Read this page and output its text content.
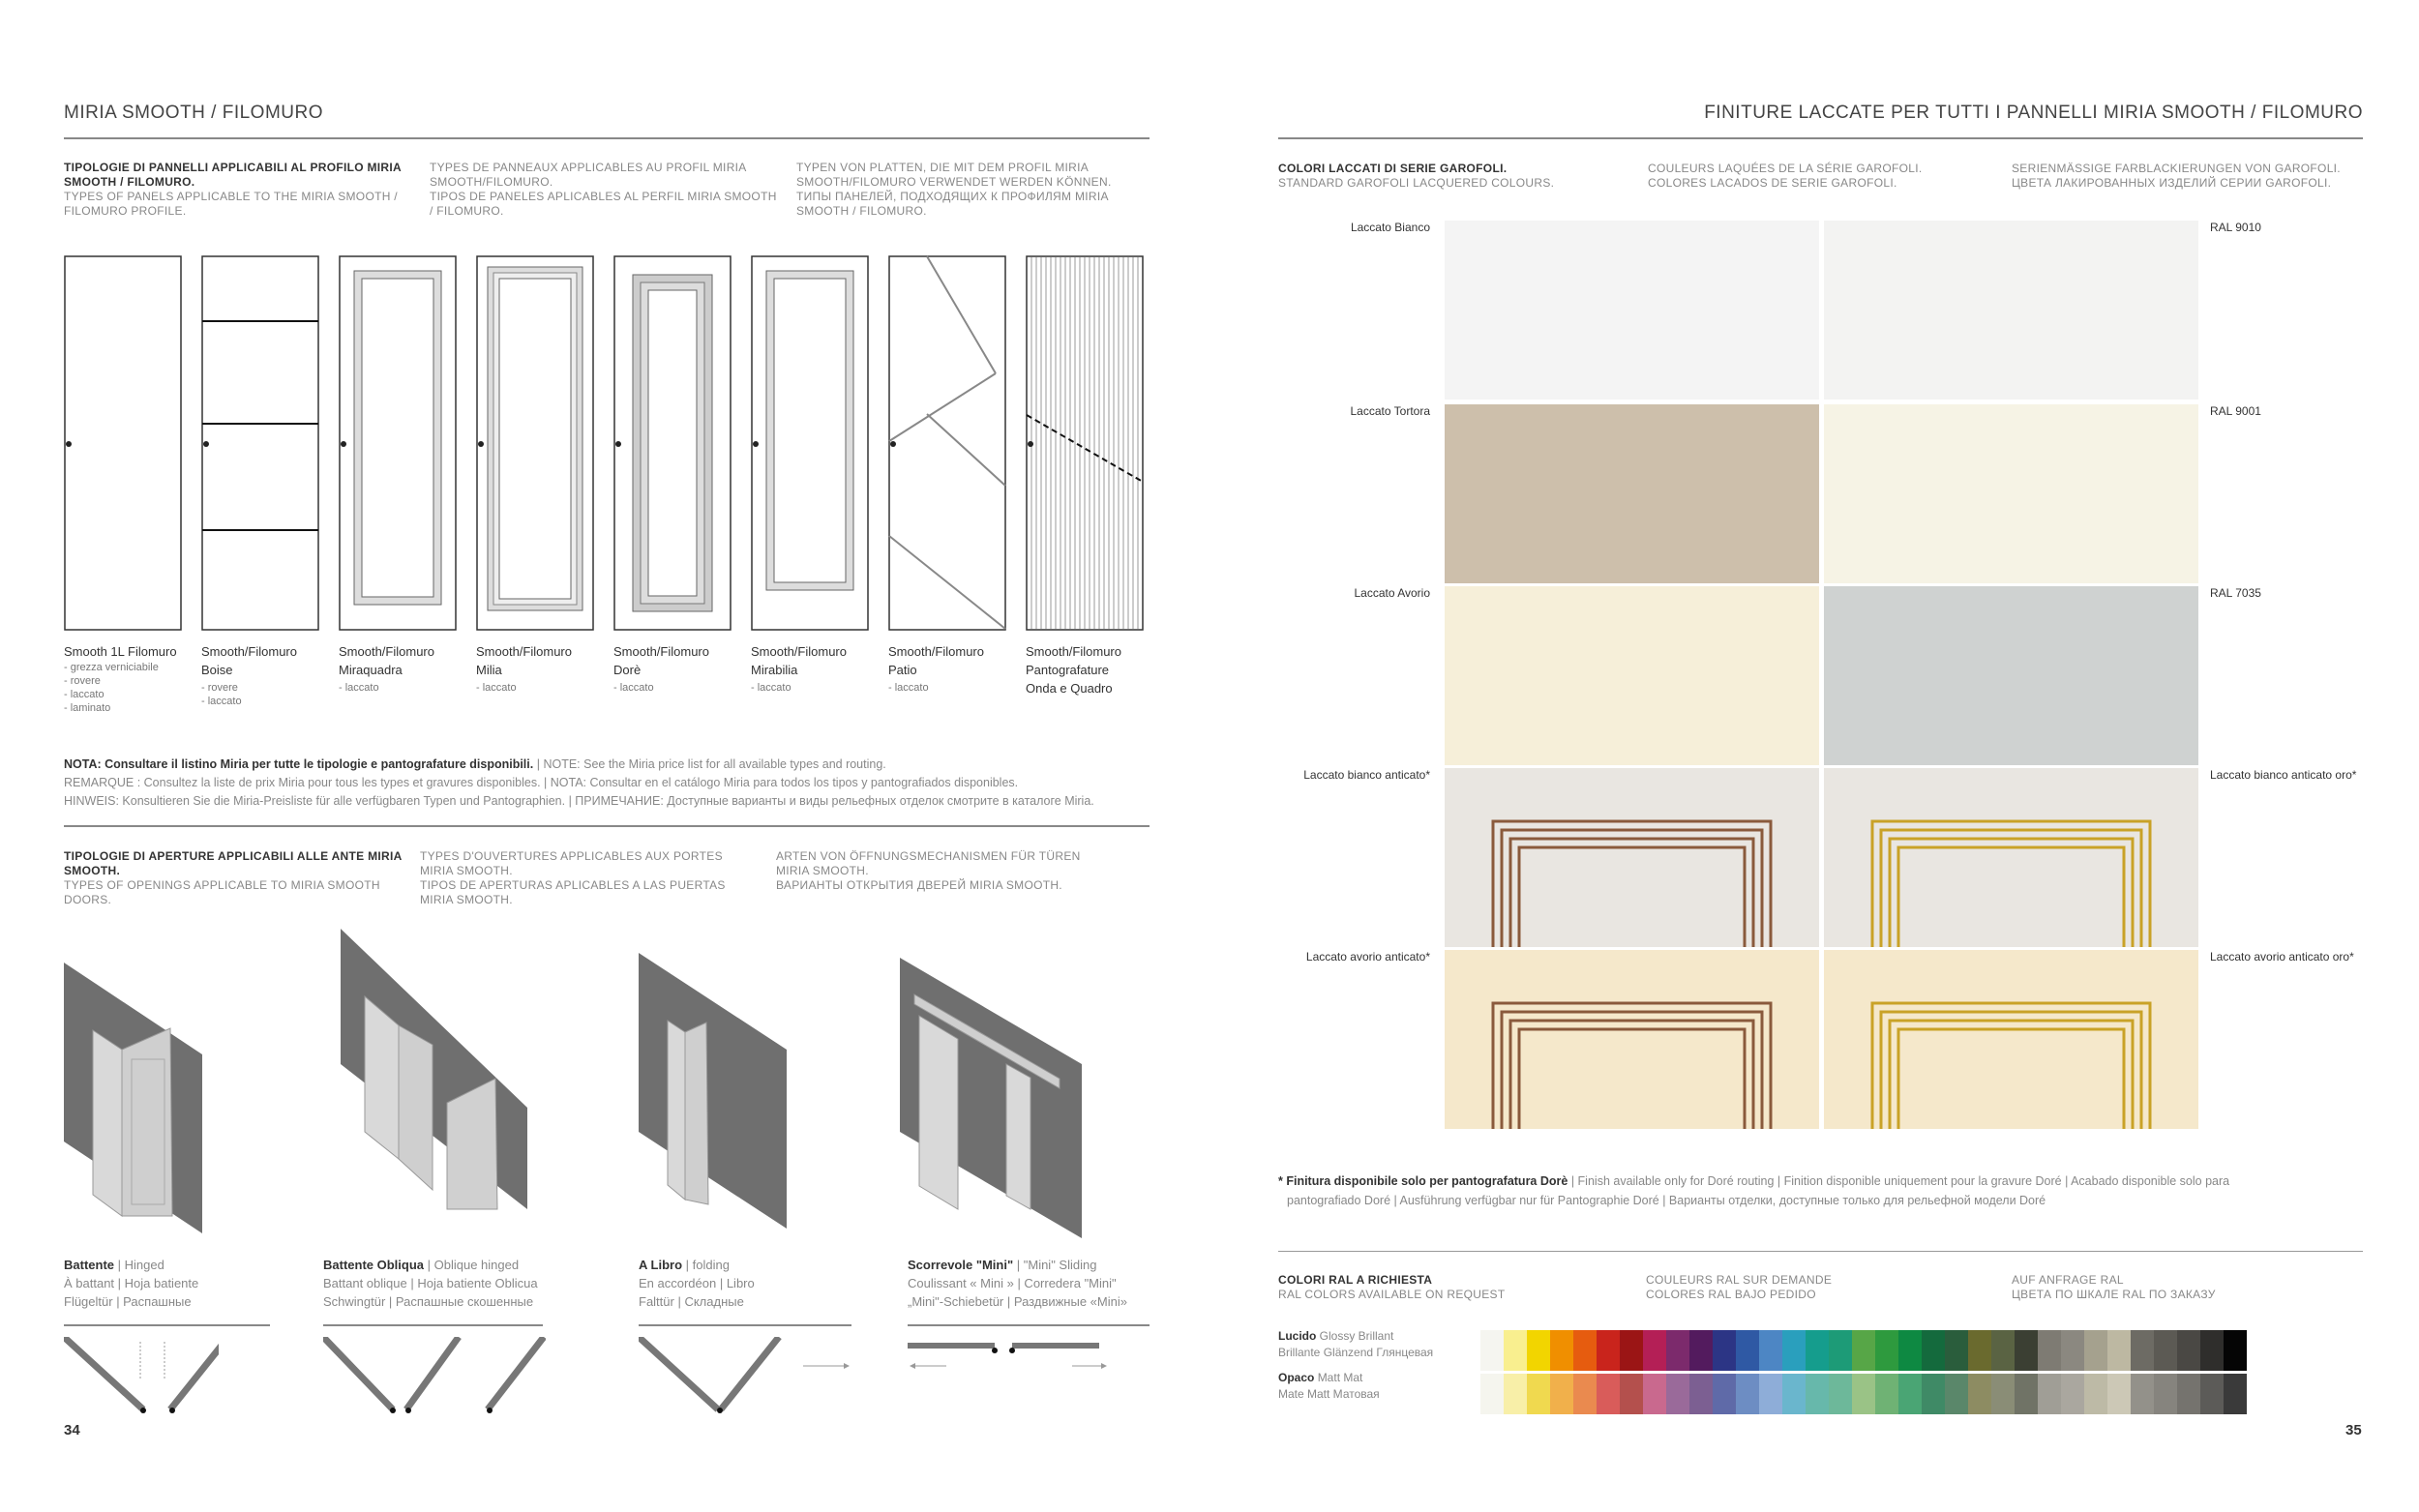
MIRIA SMOOTH / FILOMURO
TIPOLOGIE DI PANNELLI APPLICABILI AL PROFILO MIRIA
SMOOTH / FILOMURO.
TYPES OF PANELS APPLICABLE TO THE MIRIA SMOOTH /
FILOMURO PROFILE.
TYPES DE PANNEAUX APPLICABLES AU PROFIL MIRIA
SMOOTH/FILOMURO.
TIPOS DE PANELES APLICABLES AL PERFIL MIRIA SMOOTH
/ FILOMURO.
TYPEN VON PLATTEN, DIE MIT DEM PROFIL MIRIA
SMOOTH/FILOMURO VERWENDET WERDEN KÖNNEN.
ТИПЫ ПАНЕЛЕЙ, ПОДХОДЯЩИХ К ПРОФИЛЯМ MIRIA
SMOOTH / FILOMURO.
Smooth 1L Filomuro
- grezza verniciabile
- rovere
- laccato
- laminato
Smooth/Filomuro
Boise
- rovere
- laccato
Smooth/Filomuro
Miraquadra
- laccato
Smooth/Filomuro
Milia
- laccato
Smooth/Filomuro
Dorè
- laccato
Smooth/Filomuro
Mirabilia
- laccato
Smooth/Filomuro
Patio
- laccato
Smooth/Filomuro
Pantografature
Onda e Quadro
NOTA: Consultare il listino Miria per tutte le tipologie e pantografature disponibili. | NOTE: See the Miria price list for all available types and routing.
REMARQUE : Consultez la liste de prix Miria pour tous les types et gravures disponibles. | NOTA: Consultar en el catálogo Miria para todos los tipos y pantografiados disponibles.
HINWEIS: Konsultieren Sie die Miria-Preisliste für alle verfügbaren Typen und Pantographien. | ПРИМЕЧАНИЕ: Доступные варианты и виды рельефных отделок смотрите в каталоге Miria.
TIPOLOGIE DI APERTURE APPLICABILI ALLE ANTE MIRIA
SMOOTH.
TYPES OF OPENINGS APPLICABLE TO MIRIA SMOOTH
DOORS.
TYPES D'OUVERTURES APPLICABLES AUX PORTES
MIRIA SMOOTH.
TIPOS DE APERTURAS APLICABLES A LAS PUERTAS
MIRIA SMOOTH.
ARTEN VON ÖFFNUNGSMECHANISMEN FÜR TÜREN
MIRIA SMOOTH.
ВАРИАНТЫ ОТКРЫТИЯ ДВЕРЕЙ MIRIA SMOOTH.
Battente | Hinged
À battant | Hoja batiente
Flügeltür | Распашные
Battente Obliqua | Oblique hinged
Battant oblique | Hoja batiente Oblicua
Schwingtür | Распашные скошенные
A Libro | folding
En accordéon | Libro
Falttür | Складные
Scorrevole "Mini" | "Mini" Sliding
Coulissant « Mini » | Corredera "Mini"
„Mini"-Schiebetür | Раздвижные «Mini»
34
FINITURE LACCATE PER TUTTI I PANNELLI MIRIA SMOOTH / FILOMURO
COLORI LACCATI DI SERIE GAROFOLI.
STANDARD GAROFOLI LACQUERED COLOURS.
COULEURS LAQUÉES DE LA SÉRIE GAROFOLI.
COLORES LACADOS DE SERIE GAROFOLI.
SERIENMÄSSIGE FARBLACKIERUNGEN VON GAROFOLI.
ЦВЕТА ЛАКИРОВАННЫХ ИЗДЕЛИЙ СЕРИИ GAROFOLI.
Laccato Bianco	RAL 9010
Laccato Tortora	RAL 9001
Laccato Avorio	RAL 7035
Laccato bianco anticato*	Laccato bianco anticato oro*
Laccato avorio anticato*	Laccato avorio anticato oro*
* Finitura disponibile solo per pantografatura Dorè | Finish available only for Doré routing | Finition disponible uniquement pour la gravure Doré | Acabado disponible solo para
pantografiado Doré | Ausführung verfügbar nur für Pantographie Doré | Варианты отделки, доступные только для рельефной модели Doré
COLORI RAL A RICHIESTA
RAL COLORS AVAILABLE ON REQUEST
COULEURS RAL SUR DEMANDE
COLORES RAL BAJO PEDIDO
AUF ANFRAGE RAL
ЦВЕТА ПО ШКАЛЕ RAL ПО ЗАКАЗУ
Lucido Glossy Brillant
Brillante Glänzend Глянцевая
Opaco Matt Mat
Mate Matt Матовая
35
